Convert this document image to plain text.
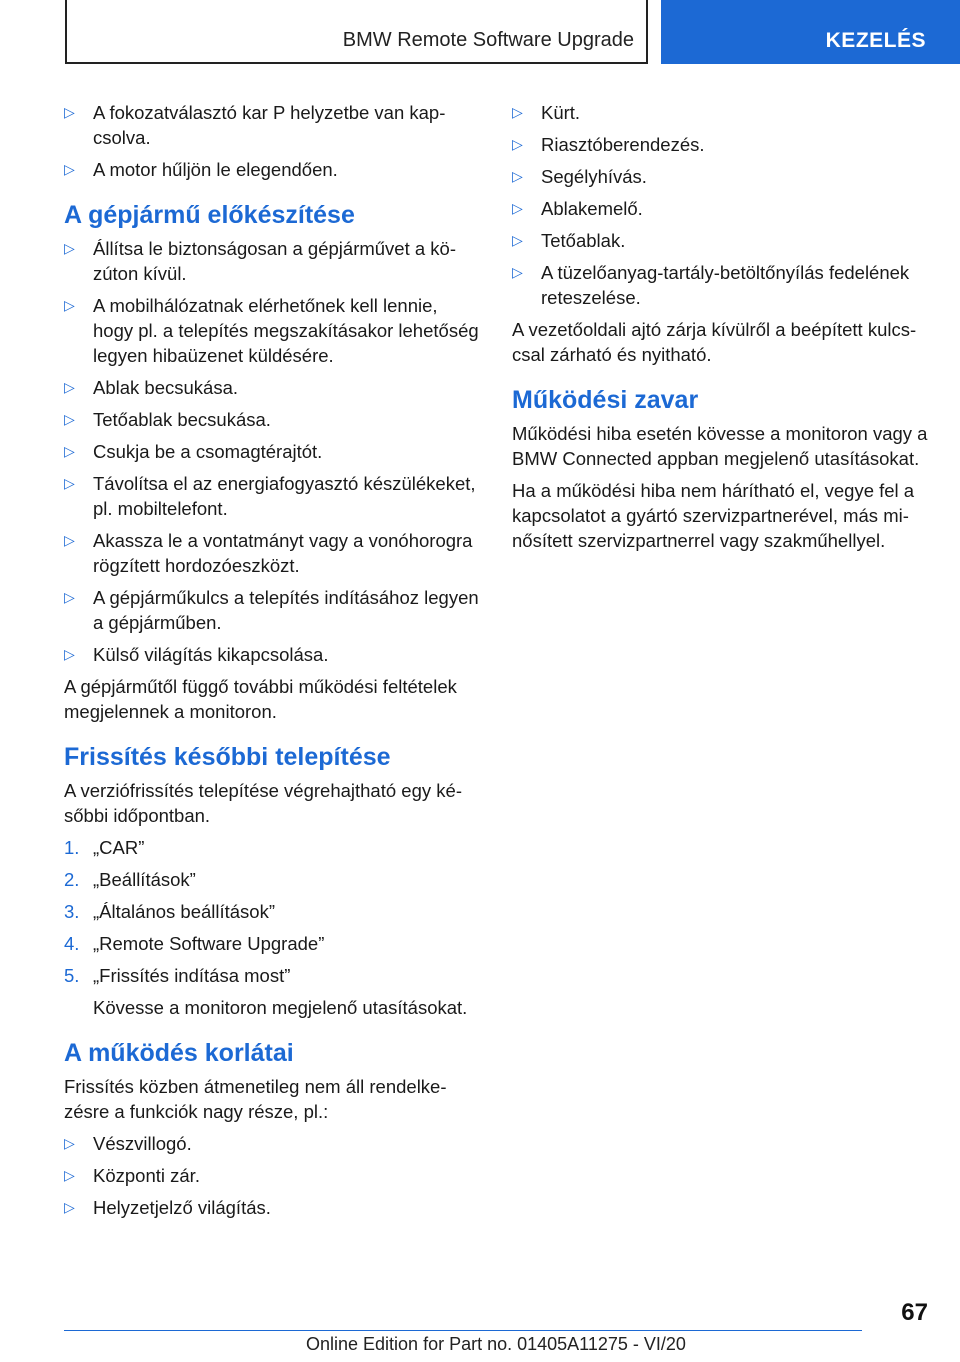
BMW Remote Software Upgrade	KEZELÉS
▷ A fokozatválasztó kar P helyzetbe van kapcsolva.
▷ A motor hűljön le elegendően.
A gépjármű előkészítése
▷ Állítsa le biztonságosan a gépjárművet a közúton kívül.
▷ A mobilhálózatnak elérhetőnek kell lennie, hogy pl. a telepítés megszakításakor lehetőség legyen hibaüzenet küldésére.
▷ Ablak becsukása.
▷ Tetőablak becsukása.
▷ Csukja be a csomagtérajtót.
▷ Távolítsa el az energiafogyasztó készülékeket, pl. mobiltelefont.
▷ Akassza le a vontatmányt vagy a vonóhorogra rögzített hordozóeszközt.
▷ A gépjárműkulcs a telepítés indításához legyen a gépjárműben.
▷ Külső világítás kikapcsolása.
A gépjárműtől függő további működési feltételek megjelennek a monitoron.
Frissítés későbbi telepítése
A verziófrissítés telepítése végrehajtható egy későbbi időpontban.
1. „CAR”
2. „Beállítások”
3. „Általános beállítások”
4. „Remote Software Upgrade”
5. „Frissítés indítása most”
Kövesse a monitoron megjelenő utasításokat.
A működés korlátai
Frissítés közben átmenetileg nem áll rendelkezésre a funkciók nagy része, pl.:
▷ Vészvillogó.
▷ Központi zár.
▷ Helyzetjelző világítás.
▷ Kürt.
▷ Riasztóberendezés.
▷ Segélyhívás.
▷ Ablakemelő.
▷ Tetőablak.
▷ A tüzelőanyag-tartály-betöltőnyílás fedelének reteszelése.
A vezetőoldali ajtó zárja kívülről a beépített kulcscsal zárható és nyitható.
Működési zavar
Működési hiba esetén kövesse a monitoron vagy a BMW Connected appban megjelenő utasításokat.
Ha a működési hiba nem hárítható el, vegye fel a kapcsolatot a gyártó szervizpartnerével, más minősített szervizpartnerrel vagy szakműhellyel.
67
Online Edition for Part no. 01405A11275 - VI/20
